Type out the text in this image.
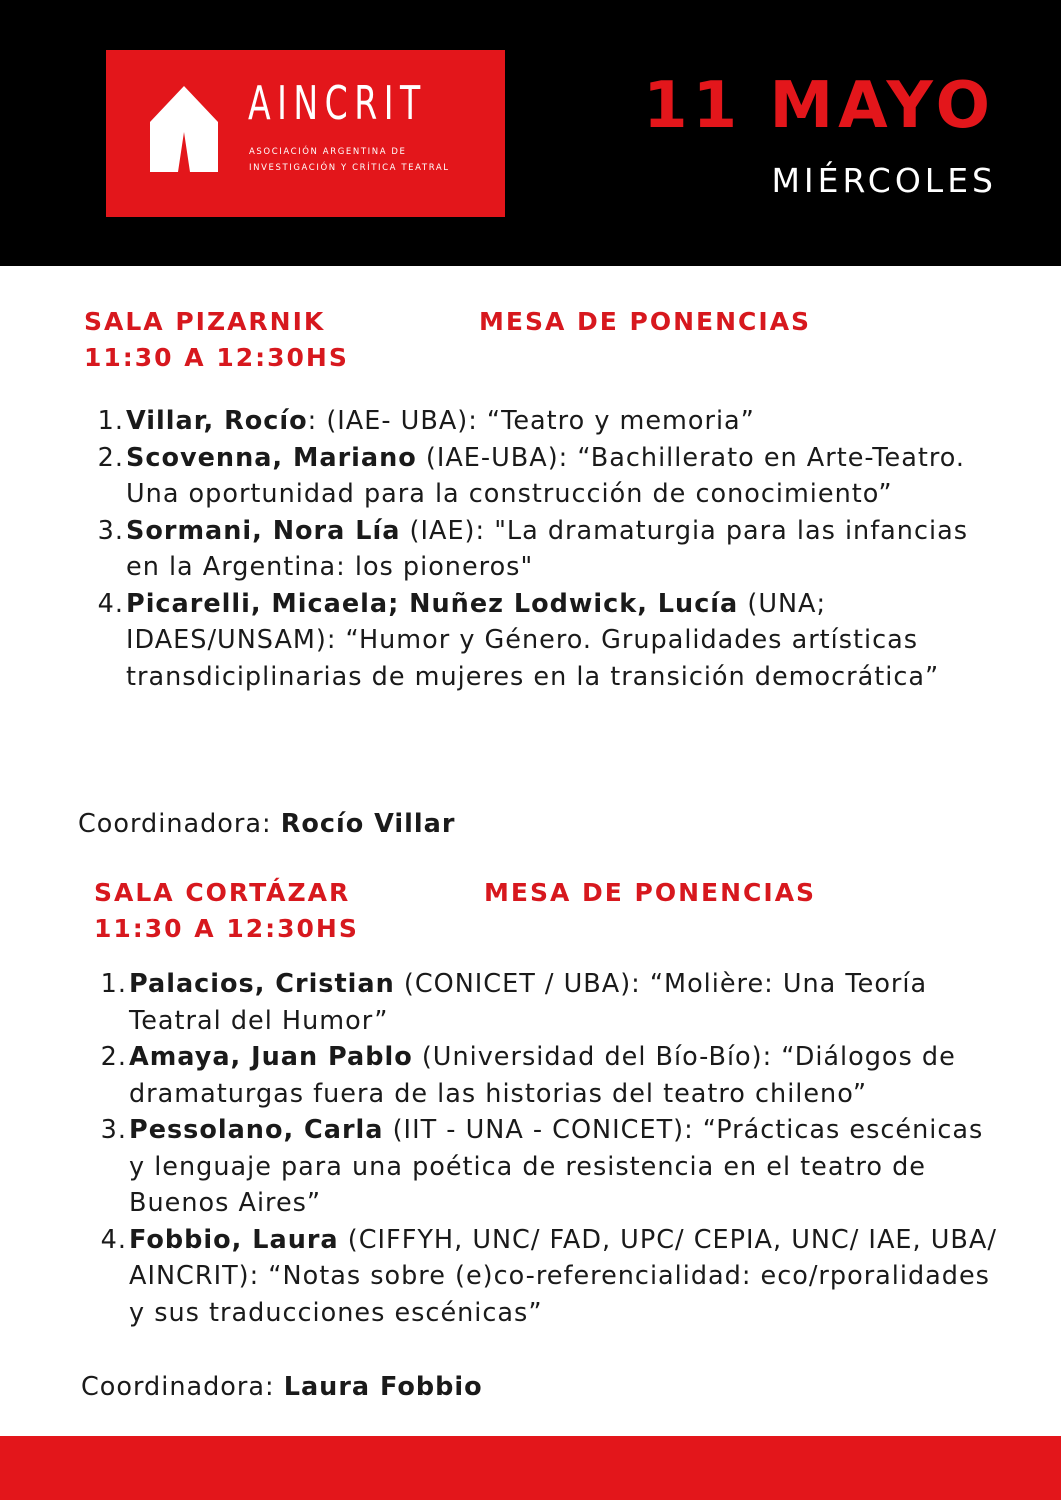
AINCRIT
ASOCIACIÓN ARGENTINA DE
INVESTIGACIÓN Y CRÍTICA TEATRAL
11 MAYO
MIÉRCOLES
SALA PIZARNIK
11:30 A 12:30HS
MESA DE PONENCIAS
1. Villar, Rocío: (IAE- UBA): “Teatro y memoria”
2. Scovenna, Mariano (IAE-UBA): “Bachillerato en Arte-Teatro. Una oportunidad para la construcción de conocimiento”
3. Sormani, Nora Lía (IAE): "La dramaturgia para las infancias en la Argentina: los pioneros"
4. Picarelli, Micaela; Nuñez Lodwick, Lucía (UNA; IDAES/UNSAM): “Humor y Género. Grupalidades artísticas transdiciplinarias de mujeres en la transición democrática”
Coordinadora: Rocío Villar
SALA CORTÁZAR
11:30 A 12:30HS
MESA DE PONENCIAS
1. Palacios, Cristian (CONICET / UBA): “Molière: Una Teoría Teatral del Humor”
2. Amaya, Juan Pablo (Universidad del Bío-Bío): “Diálogos de dramaturgas fuera de las historias del teatro chileno”
3. Pessolano, Carla (IIT - UNA - CONICET): “Prácticas escénicas y lenguaje para una poética de resistencia en el teatro de Buenos Aires”
4. Fobbio, Laura (CIFFYH, UNC/ FAD, UPC/ CEPIA, UNC/ IAE, UBA/ AINCRIT): “Notas sobre (e)co-referencialidad: eco/rporalidades y sus traducciones escénicas”
Coordinadora: Laura Fobbio
